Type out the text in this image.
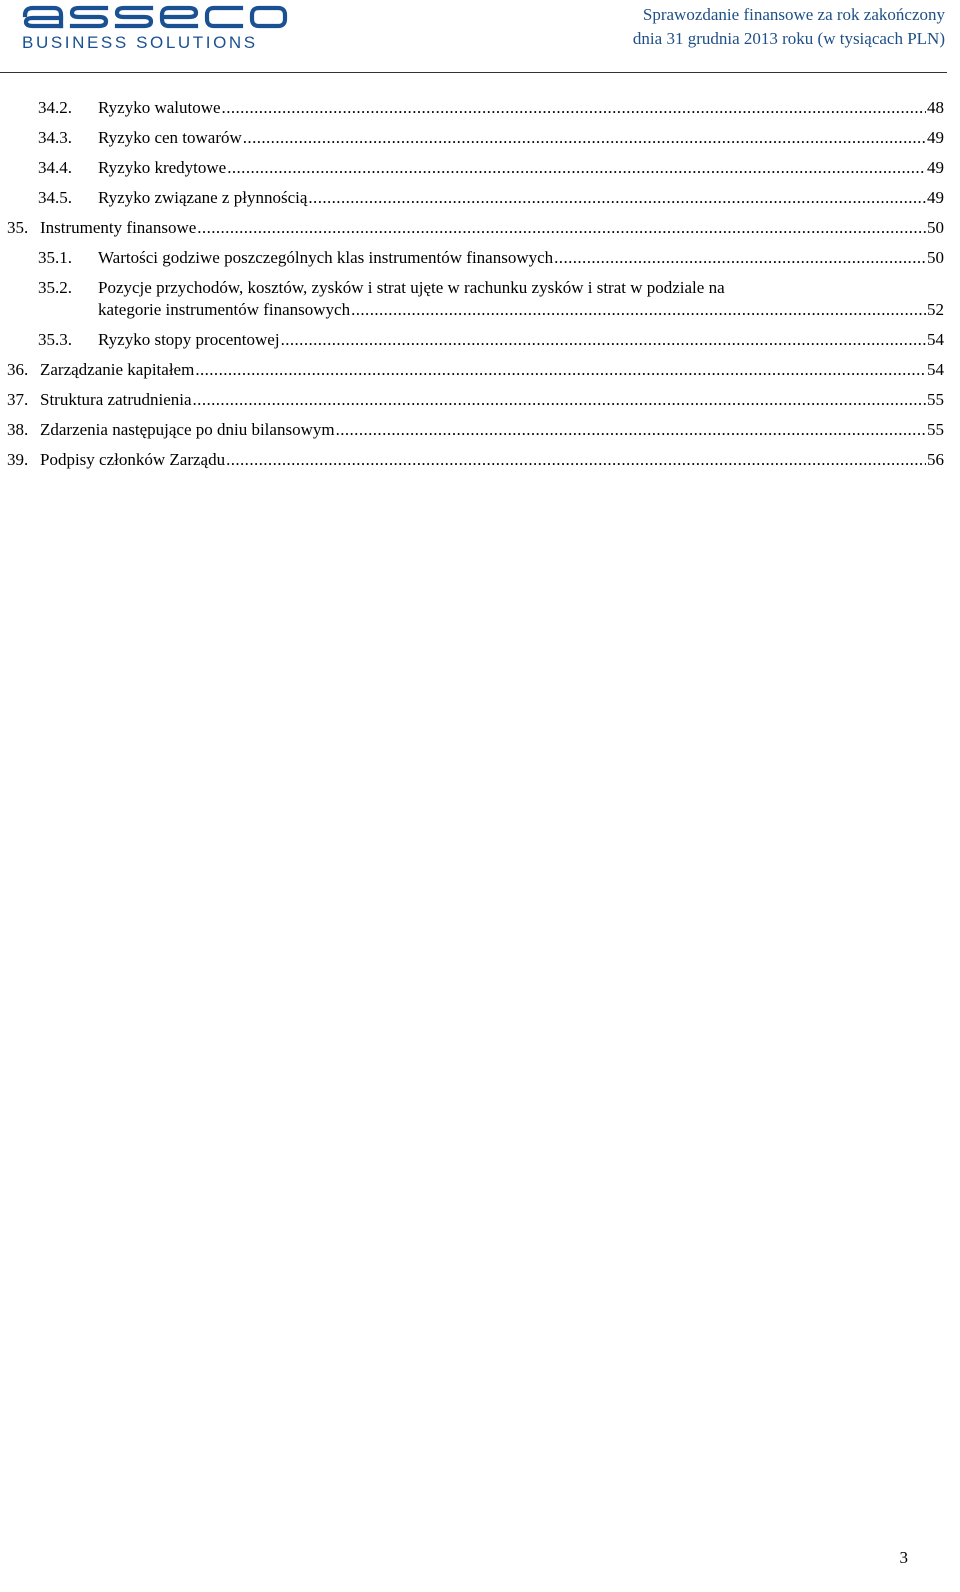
BUSINESS SOLUTIONS
Sprawozdanie finansowe za rok zakończony
dnia 31 grudnia 2013 roku (w tysiącach PLN)
34.2. Ryzyko walutowe .....	48
34.3. Ryzyko cen towarów .....	49
34.4. Ryzyko kredytowe .....	49
34.5. Ryzyko związane z płynnością .....	49
35. Instrumenty finansowe .....	50
35.1. Wartości godziwe poszczególnych klas instrumentów finansowych .....	50
35.2. Pozycje przychodów, kosztów, zysków i strat ujęte w rachunku zysków i strat w podziale na
kategorie instrumentów finansowych .....	52
35.3. Ryzyko stopy procentowej .....	54
36. Zarządzanie kapitałem .....	54
37. Struktura zatrudnienia .....	55
38. Zdarzenia następujące po dniu bilansowym .....	55
39. Podpisy członków Zarządu .....	56
3
